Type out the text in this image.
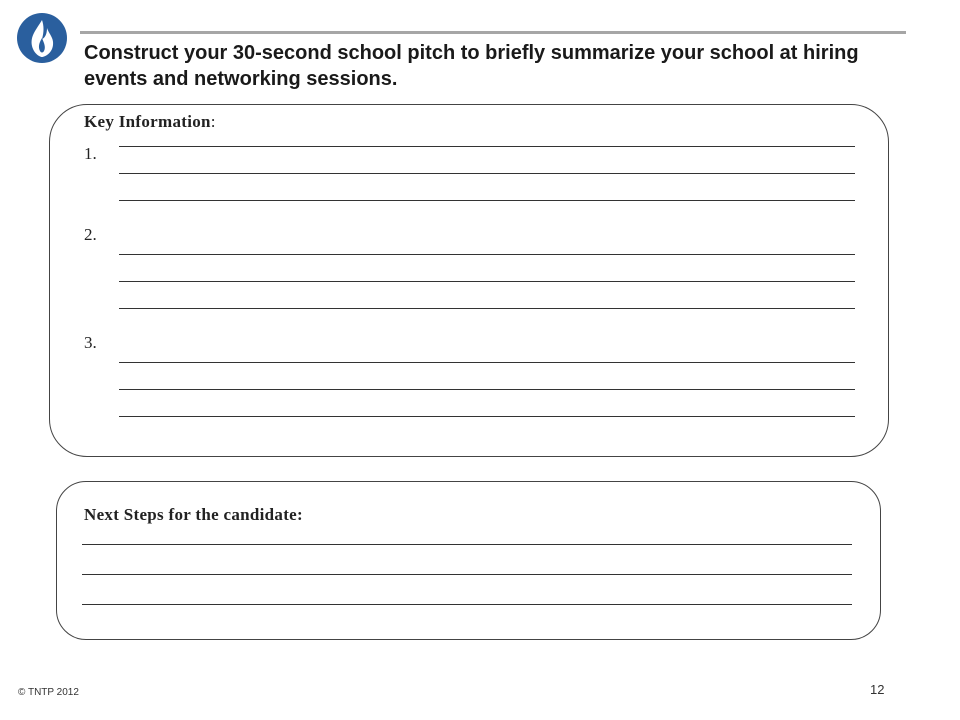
Construct your 30-second school pitch to briefly summarize your school at hiring events and networking sessions.
Key Information:
1.
2.
3.
Next Steps for the candidate:
© TNTP 2012	12
